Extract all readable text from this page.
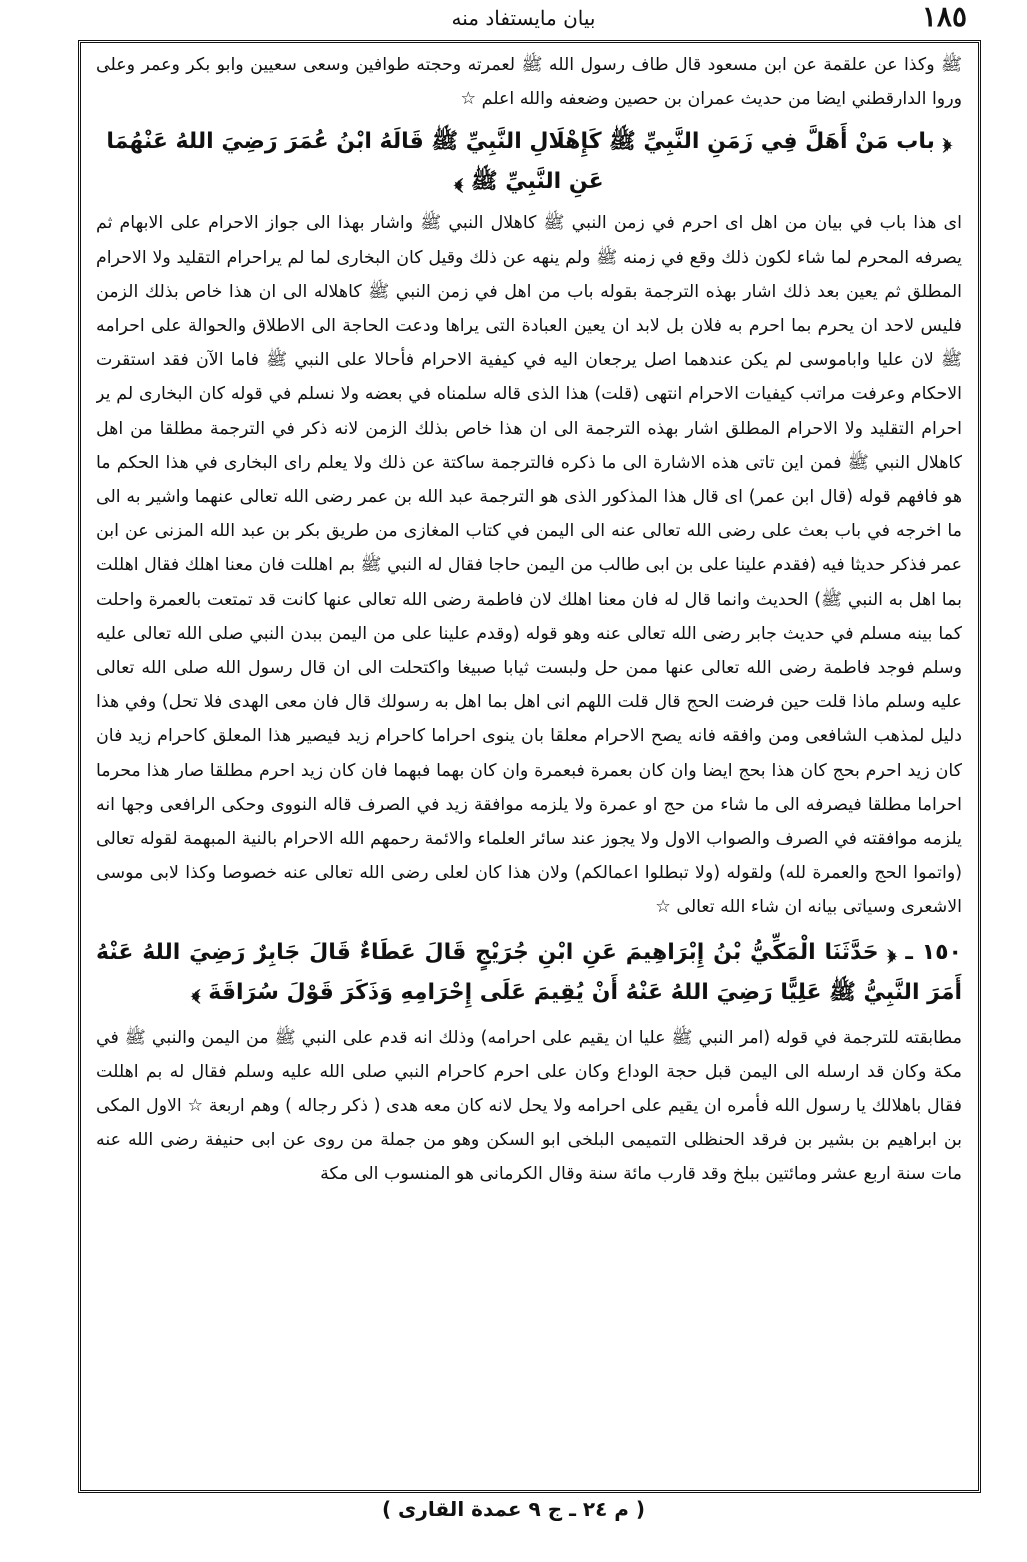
بيان مايستفاد منه	١٨٥

ﷺ وكذا عن علقمة عن ابن مسعود قال طاف رسول الله ﷺ لعمرته وحجته طوافين وسعى سعيين وابو بكر وعمر وعلى وروا الدارقطني ايضا من حديث عمران بن حصين وضعفه والله اعلم ☆

﴿ باب مَنْ أَهَلَّ فِي زَمَنِ النَّبِيِّ ﷺ كَإِهْلَالِ النَّبِيِّ ﷺ قَالَهُ ابْنُ عُمَرَ رَضِيَ اللهُ عَنْهُمَا عَنِ النَّبِيِّ ﷺ ﴾

اى هذا باب في بيان من اهل اى احرم في زمن النبي ﷺ كاهلال النبي ﷺ واشار بهذا الى جواز الاحرام على الابهام ثم يصرفه المحرم لما شاء لكون ذلك وقع في زمنه ﷺ ولم ينهه عن ذلك وقيل كان البخارى لما لم يراحرام التقليد ولا الاحرام المطلق ثم يعين بعد ذلك اشار بهذه الترجمة بقوله باب من اهل في زمن النبي ﷺ كاهلاله الى ان هذا خاص بذلك الزمن فليس لاحد ان يحرم بما احرم به فلان بل لابد ان يعين العبادة التى يراها ودعت الحاجة الى الاطلاق والحوالة على احرامه ﷺ لان عليا واباموسى لم يكن عندهما اصل يرجعان اليه في كيفية الاحرام فأحالا على النبي ﷺ فاما الآن فقد استقرت الاحكام وعرفت مراتب كيفيات الاحرام انتهى (قلت) هذا الذى قاله سلمناه في بعضه ولا نسلم في قوله كان البخارى لم ير احرام التقليد ولا الاحرام المطلق اشار بهذه الترجمة الى ان هذا خاص بذلك الزمن لانه ذكر في الترجمة مطلقا من اهل كاهلال النبي ﷺ فمن اين تاتى هذه الاشارة الى ما ذكره فالترجمة ساكتة عن ذلك ولا يعلم راى البخارى في هذا الحكم ما هو فافهم قوله (قال ابن عمر) اى قال هذا المذكور الذى هو الترجمة عبد الله بن عمر رضى الله تعالى عنهما واشير به الى ما اخرجه في باب بعث على رضى الله تعالى عنه الى اليمن في كتاب المغازى من طريق بكر بن عبد الله المزنى عن ابن عمر فذكر حديثا فيه (فقدم علينا على بن ابى طالب من اليمن حاجا فقال له النبي ﷺ بم اهللت فان معنا اهلك فقال اهللت بما اهل به النبي ﷺ) الحديث وانما قال له فان معنا اهلك لان فاطمة رضى الله تعالى عنها كانت قد تمتعت بالعمرة واحلت كما بينه مسلم في حديث جابر رضى الله تعالى عنه وهو قوله (وقدم علينا على من اليمن ببدن النبي صلى الله تعالى عليه وسلم فوجد فاطمة رضى الله تعالى عنها ممن حل ولبست ثيابا صبيغا واكتحلت الى ان قال رسول الله صلى الله تعالى عليه وسلم ماذا قلت حين فرضت الحج قال قلت اللهم انى اهل بما اهل به رسولك قال فان معى الهدى فلا تحل) وفي هذا دليل لمذهب الشافعى ومن وافقه فانه يصح الاحرام معلقا بان ينوى احراما كاحرام زيد فيصير هذا المعلق كاحرام زيد فان كان زيد احرم بحج كان هذا بحج ايضا وان كان بعمرة فبعمرة وان كان بهما فبهما فان كان زيد احرم مطلقا صار هذا محرما احراما مطلقا فيصرفه الى ما شاء من حج او عمرة ولا يلزمه موافقة زيد في الصرف قاله النووى وحكى الرافعى وجها انه يلزمه موافقته في الصرف والصواب الاول ولا يجوز عند سائر العلماء والائمة رحمهم الله الاحرام بالنية المبهمة لقوله تعالى (واتموا الحج والعمرة لله) ولقوله (ولا تبطلوا اعمالكم) ولان هذا كان لعلى رضى الله تعالى عنه خصوصا وكذا لابى موسى الاشعرى وسياتى بيانه ان شاء الله تعالى ☆

١٥٠ ـ ﴿ حَدَّثَنَا الْمَكِّيُّ بْنُ إِبْرَاهِيمَ عَنِ ابْنِ جُرَيْجٍ قَالَ عَطَاءٌ قَالَ جَابِرٌ رَضِيَ اللهُ عَنْهُ أَمَرَ النَّبِيُّ ﷺ عَلِيًّا رَضِيَ اللهُ عَنْهُ أَنْ يُقِيمَ عَلَى إِحْرَامِهِ وَذَكَرَ قَوْلَ سُرَاقَةَ ﴾

مطابقته للترجمة في قوله (امر النبي ﷺ عليا ان يقيم على احرامه) وذلك انه قدم على النبي ﷺ من اليمن والنبي ﷺ في مكة وكان قد ارسله الى اليمن قبل حجة الوداع وكان على احرم كاحرام النبي صلى الله عليه وسلم فقال له بم اهللت فقال باهلالك يا رسول الله فأمره ان يقيم على احرامه ولا يحل لانه كان معه هدى ( ذكر رجاله ) وهم اربعة ☆ الاول المكى بن ابراهيم بن بشير بن فرقد الحنظلى التميمى البلخى ابو السكن وهو من جملة من روى عن ابى حنيفة رضى الله عنه مات سنة اربع عشر ومائتين ببلخ وقد قارب مائة سنة وقال الكرمانى هو المنسوب الى مكة

( م ٢٤ ـ ج ٩ عمدة القارى )
